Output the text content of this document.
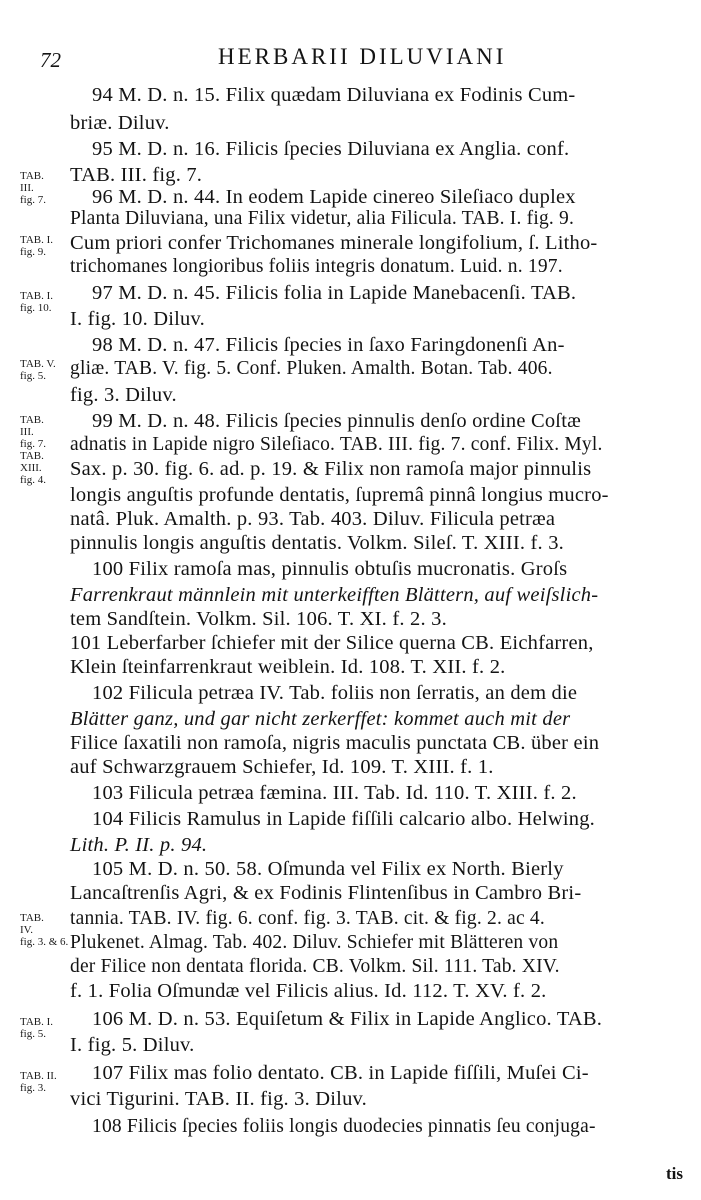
72	HERBARII DILUVIANI
94 M. D. n. 15. Filix quædam Diluviana ex Fodinis Cum-
briæ. Diluv.
95 M. D. n. 16. Filicis ſpecies Diluviana ex Anglia. conf.
TAB. III. fig. 7.
96 M. D. n. 44. In eodem Lapide cinereo Sileſiaco duplex
Planta Diluviana, una Filix videtur, alia Filicula. TAB. I. fig. 9.
Cum priori confer Trichomanes minerale longifolium, ſ. Litho-
trichomanes longioribus foliis integris donatum. Luid. n. 197.
97 M. D. n. 45. Filicis folia in Lapide Manebacenſi. TAB.
I. fig. 10. Diluv.
98 M. D. n. 47. Filicis ſpecies in ſaxo Faringdonenſi An-
gliæ. TAB. V. fig. 5. Conf. Pluken. Amalth. Botan. Tab. 406.
fig. 3. Diluv.
99 M. D. n. 48. Filicis ſpecies pinnulis denſo ordine Coſtæ
adnatis in Lapide nigro Sileſiaco. TAB. III. fig. 7. conf. Filix. Myl.
Sax. p. 30. fig. 6. ad. p. 19. & Filix non ramoſa major pinnulis
longis anguſtis profunde dentatis, ſupremâ pinnâ longius mucro-
natâ. Pluk. Amalth. p. 93. Tab. 403. Diluv. Filicula petræa
pinnulis longis anguſtis dentatis. Volkm. Sileſ. T. XIII. f. 3.
100 Filix ramoſa mas, pinnulis obtuſis mucronatis. Groſs
Farrenkraut männlein mit unterkeifften Blättern, auf weiſslich-
tem Sandſtein. Volkm. Sil. 106. T. XI. f. 2. 3.
101 Leberfarber ſchiefer mit der Silice querna CB. Eichfarren,
Klein ſteinfarrenkraut weiblein. Id. 108. T. XII. f. 2.
102 Filicula petræa IV. Tab. foliis non ſerratis, an dem die
Blätter ganz, und gar nicht zerkerffet: kommet auch mit der
Filice ſaxatili non ramoſa, nigris maculis punctata CB. über ein
auf Schwarzgrauem Schiefer, Id. 109. T. XIII. f. 1.
103 Filicula petræa fæmina. III. Tab. Id. 110. T. XIII. f. 2.
104 Filicis Ramulus in Lapide fiſſili calcario albo. Helwing.
Lith. P. II. p. 94.
105 M. D. n. 50. 58. Oſmunda vel Filix ex North. Bierly
Lancaſtrenſis Agri, & ex Fodinis Flintenſibus in Cambro Bri-
tannia. TAB. IV. fig. 6. conf. fig. 3. TAB. cit. & fig. 2. ac 4.
Plukenet. Almag. Tab. 402. Diluv. Schiefer mit Blätteren von
der Filice non dentata florida. CB. Volkm. Sil. 111. Tab. XIV.
f. 1. Folia Oſmundæ vel Filicis alius. Id. 112. T. XV. f. 2.
106 M. D. n. 53. Equiſetum & Filix in Lapide Anglico. TAB.
I. fig. 5. Diluv.
107 Filix mas folio dentato. CB. in Lapide fiſſili, Muſei Ci-
vici Tigurini. TAB. II. fig. 3. Diluv.
108 Filicis ſpecies foliis longis duodecies pinnatis ſeu conjuga-
TAB.
III.
fig. 7.
TAB. I.
fig. 9.
TAB. I.
fig. 10.
TAB. V.
fig. 5.
TAB.
III.
fig. 7.
TAB.
XIII.
fig. 4.
TAB.
IV.
fig. 3. & 6.
TAB. I.
fig. 5.
TAB. II.
fig. 3.
tis
